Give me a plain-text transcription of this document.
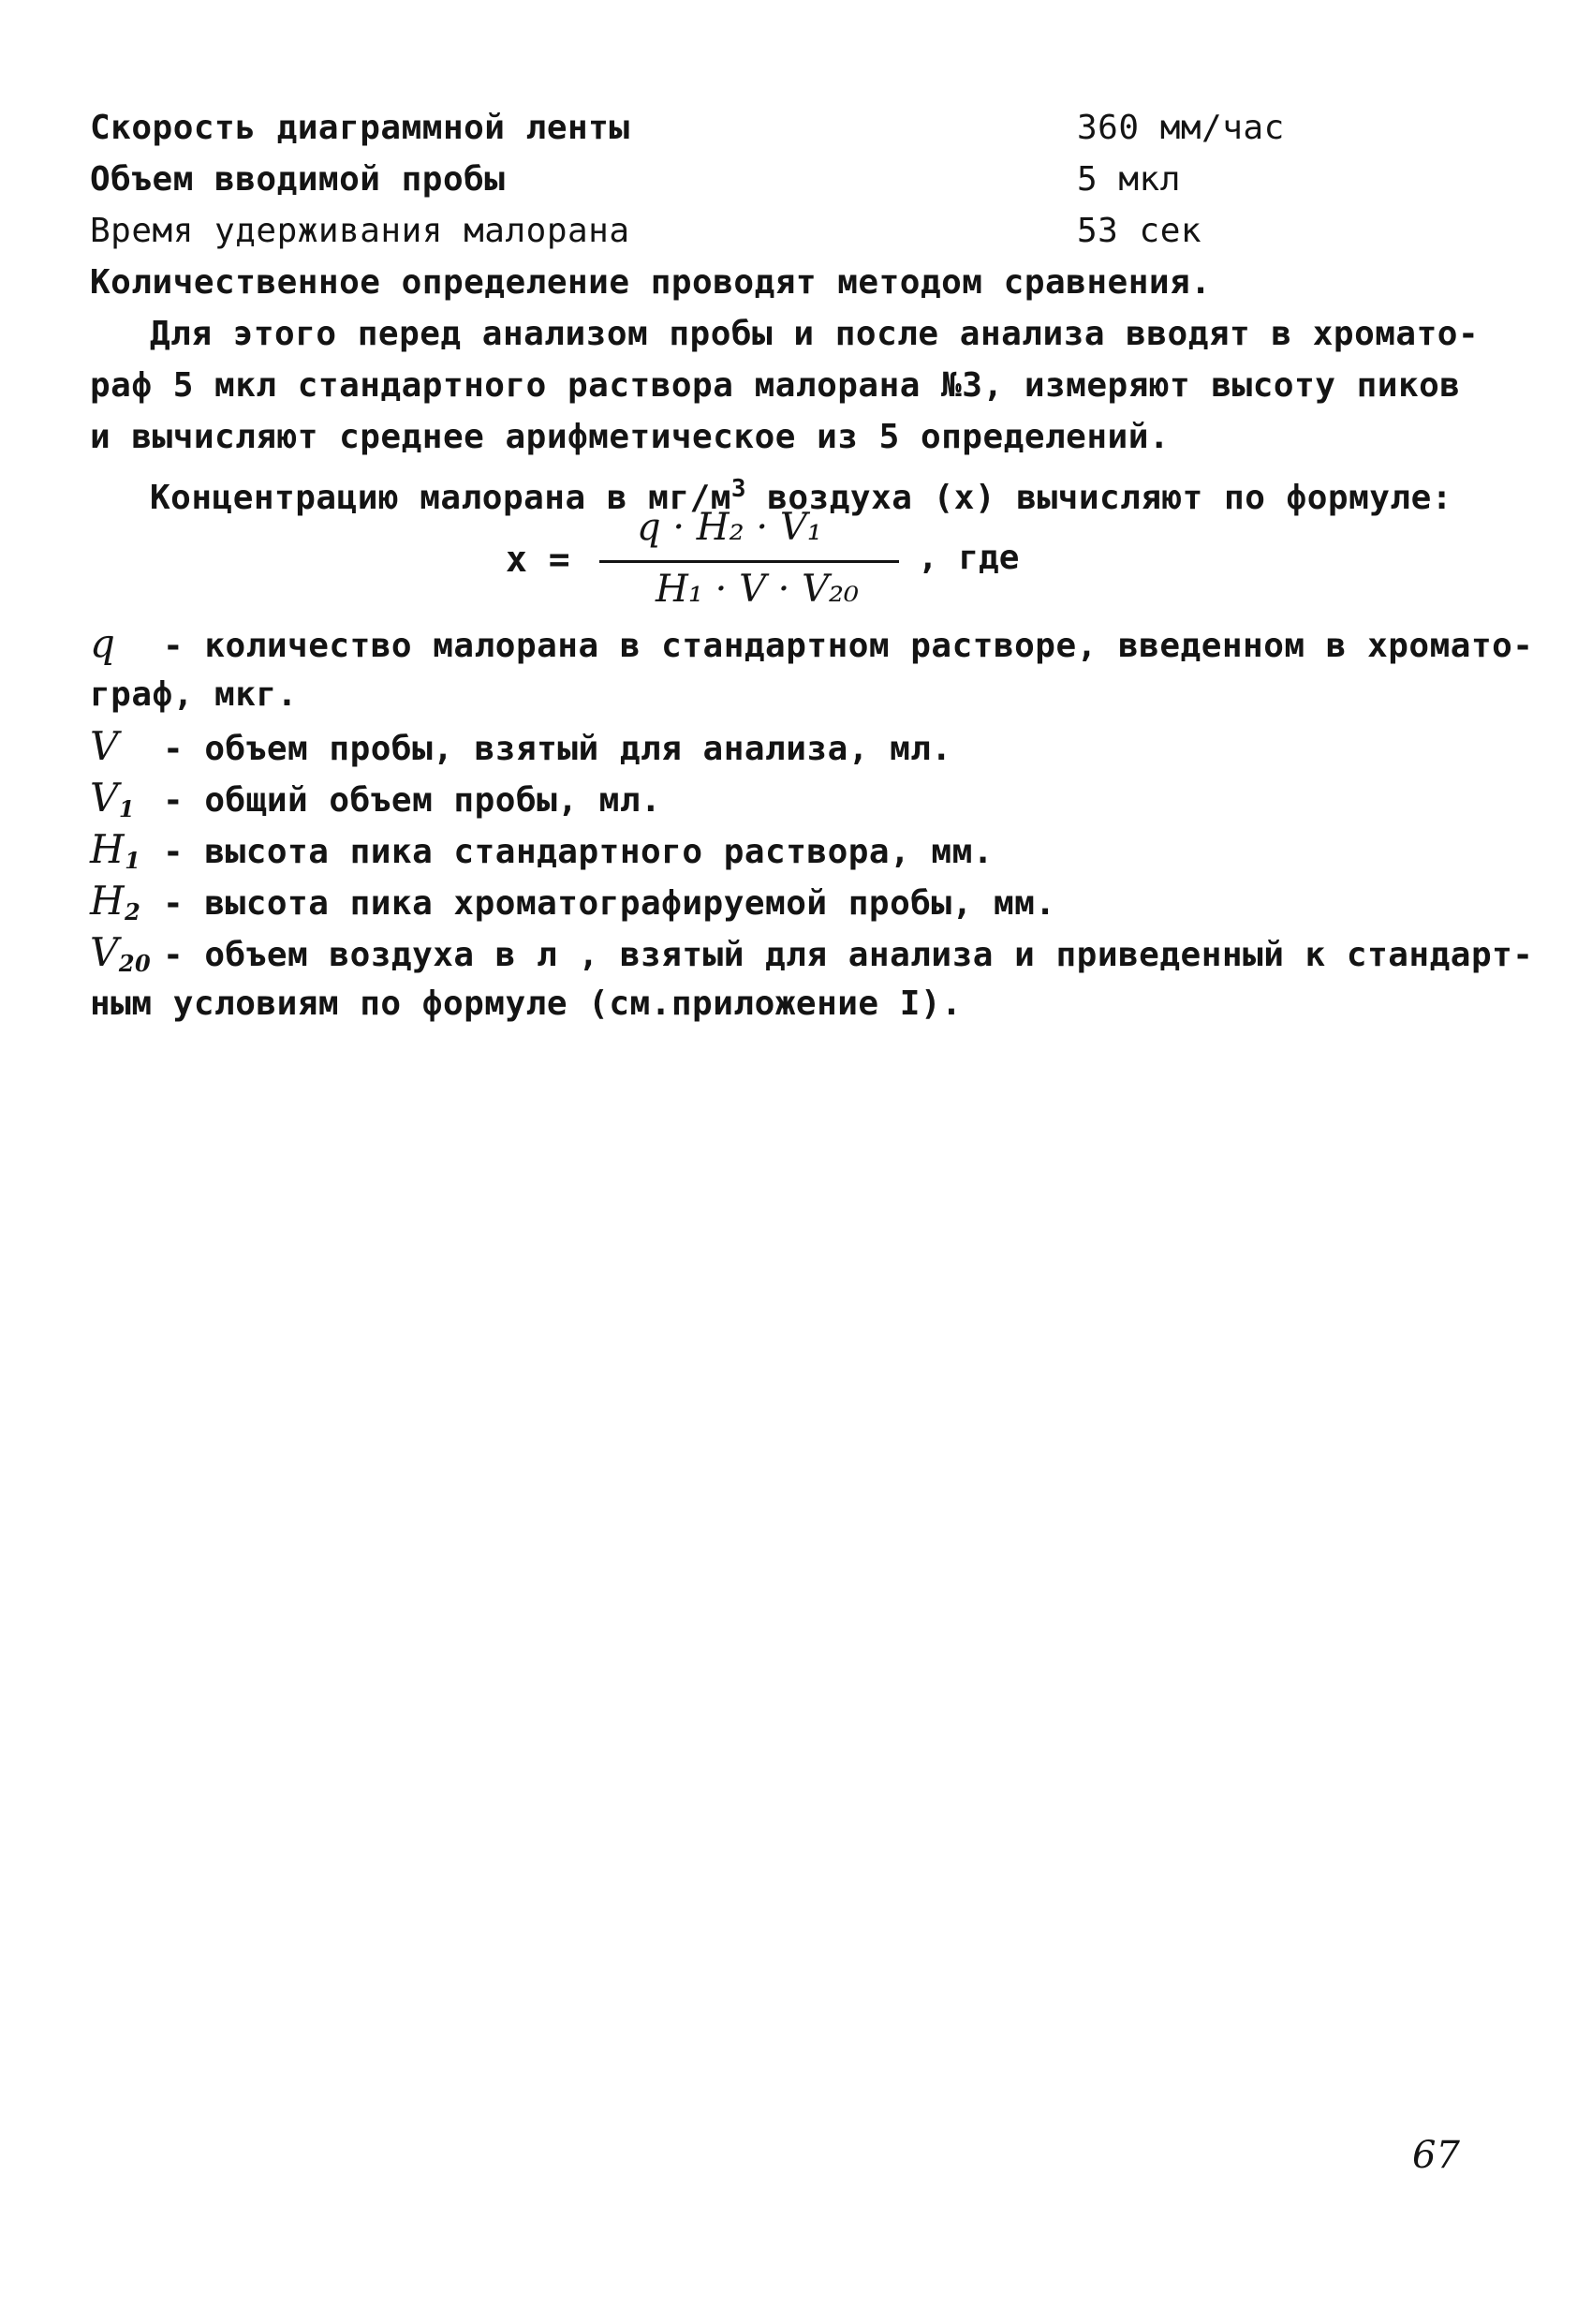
Скорость диаграммной ленты	360 мм/час
Объем вводимой пробы	5 мкл
Время удерживания малорана	53 сек
Количественное определение проводят методом сравнения.
Для этого перед анализом пробы и после анализа вводят в хромато-
раф 5 мкл стандартного раствора малорана №3, измеряют высоту пиков
и вычисляют среднее арифметическое из 5 определений.
Концентрацию малорана в $мг/м^3$ воздуха (х) вычисляют по формуле:
х =
q · H₂ · V₁
H₁ · V · V₂₀
, где
q - количество малорана в стандартном растворе, введенном в хромато-
граф, мкг.
V - объем пробы, взятый для анализа, мл.
$V_1$ - общий объем пробы, мл.
$H_1$ - высота пика стандартного раствора, мм.
$H_2$ - высота пика хроматографируемой пробы, мм.
$V_{20}$ - объем воздуха в л , взятый для анализа и приведенный к стандарт-
ным условиям по формуле (см.приложение I).
67
